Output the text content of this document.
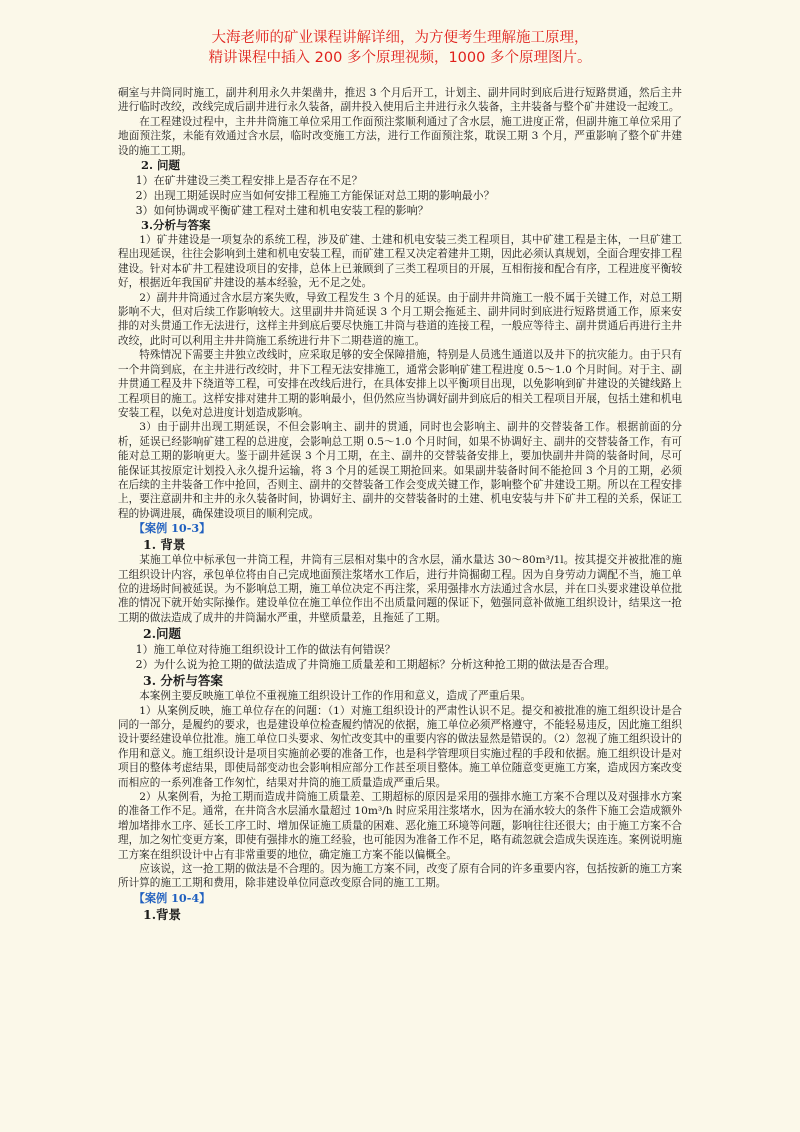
大海老师的矿业课程讲解详细，为方便考生理解施工原理，
精讲课程中插入 200 多个原理视频，1000 多个原理图片。

硐室与井筒同时施工，副井利用永久井架凿井，推迟 3 个月后开工，计划主、副井同时到底后进行短路贯通，然后主井进行临时改绞，改线完成后副井进行永久装备，副井投入使用后主井进行永久装备，主井装备与整个矿井建设一起竣工。

在工程建设过程中，主井井筒施工单位采用工作面预注浆顺利通过了含水层，施工进度正常，但副井施工单位采用了地面预注浆，未能有效通过含水层，临时改变施工方法，进行工作面预注浆，耽误工期 3 个月，严重影响了整个矿井建设的施工工期。

2. 问题

1）在矿井建设三类工程安排上是否存在不足？

2）出现工期延误时应当如何安排工程施工方能保证对总工期的影响最小？

3）如何协调或平衡矿建工程对土建和机电安装工程的影响？

3.分析与答案

1）矿井建设是一项复杂的系统工程，涉及矿建、土建和机电安装三类工程项目，其中矿建工程是主体，一旦矿建工程出现延误，往往会影响到土建和机电安装工程，而矿建工程又决定着建井工期，因此必须认真规划，全面合理安排工程建设。针对本矿井工程建设项目的安排，总体上已兼顾到了三类工程项目的开展，互相衔接和配合有序，工程进度平衡较好，根据近年我国矿井建设的基本经验，无不足之处。

2）副井井筒通过含水层方案失败，导致工程发生 3 个月的延误。由于副井井筒施工一般不属于关键工作，对总工期影响不大，但对后续工作影响较大。这里副井井筒延误 3 个月工期会拖延主、副井同时到底进行短路贯通工作，原来安排的对头贯通工作无法进行，这样主井到底后要尽快施工井筒与巷道的连接工程，一般应等待主、副井贯通后再进行主井改绞，此时可以利用主井井筒施工系统进行井下二期巷道的施工。

特殊情况下需要主井独立改线时，应采取足够的安全保障措施，特别是人员逃生通道以及井下的抗灾能力。由于只有一个井筒到底，在主井进行改绞时，井下工程无法安排施工，通常会影响矿建工程进度 0.5～1.0 个月时间。对于主、副井贯通工程及井下绕道等工程，可安排在改线后进行，在具体安排上以平衡项目出现，以免影响到矿井建设的关键线路上工程项目的施工。这样安排对建井工期的影响最小，但仍然应当协调好副井到底后的相关工程项目开展，包括土建和机电安装工程，以免对总进度计划造成影响。

3）由于副井出现工期延误，不但会影响主、副井的贯通，同时也会影响主、副井的交替装备工作。根据前面的分析，延误已经影响矿建工程的总进度，会影响总工期 0.5～1.0 个月时间，如果不协调好主、副井的交替装备工作，有可能对总工期的影响更大。鉴于副井延误 3 个月工期，在主、副井的交替装备安排上，要加快副井井筒的装备时间，尽可能保证其按原定计划投入永久提升运输，将 3 个月的延误工期抢回来。如果副井装备时间不能抢回 3 个月的工期，必须在后续的主井装备工作中抢回，否则主、副井的交替装备工作会变成关键工作，影响整个矿井建设工期。所以在工程安排上，要注意副井和主井的永久装备时间，协调好主、副井的交替装备时的土建、机电安装与井下矿井工程的关系，保证工程的协调进展，确保建设项目的顺利完成。

【案例 10-3】

1. 背景

某施工单位中标承包一井筒工程，井筒有三层相对集中的含水层，涌水量达 30～80m³/1l。按其提交并被批准的施工组织设计内容，承包单位将由自己完成地面预注浆堵水工作后，进行井筒掘砌工程。因为自身劳动力调配不当，施工单位的进场时间被延误。为不影响总工期，施工单位决定不再注浆，采用强排水方法通过含水层，并在口头要求建设单位批准的情况下就开始实际操作。建设单位在施工单位作出不出质量问题的保证下，勉强同意补做施工组织设计，结果这一抢工期的做法造成了成井的井筒漏水严重，井壁质量差，且拖延了工期。

2.问题

1）施工单位对待施工组织设计工作的做法有何错误？

2）为什么说为抢工期的做法造成了井筒施工质量差和工期超标？分析这种抢工期的做法是否合理。

3. 分析与答案

本案例主要反映施工单位不重视施工组织设计工作的作用和意义，造成了严重后果。

1）从案例反映，施工单位存在的问题：（1）对施工组织设计的严肃性认识不足。提交和被批准的施工组织设计是合同的一部分，是履约的要求，也是建设单位检查履约情况的依据，施工单位必须严格遵守，不能轻易违反，因此施工组织设计要经建设单位批准。施工单位口头要求、匆忙改变其中的重要内容的做法显然是错误的。（2）忽视了施工组织设计的作用和意义。施工组织设计是项目实施前必要的准备工作，也是科学管理项目实施过程的手段和依据。施工组织设计是对项目的整体考虑结果，即使局部变动也会影响相应部分工作甚至项目整体。施工单位随意变更施工方案，造成因方案改变而相应的一系列准备工作匆忙，结果对井筒的施工质量造成严重后果。

2）从案例看，为抢工期而造成井筒施工质量差、工期超标的原因是采用的强排水施工方案不合理以及对强排水方案的准备工作不足。通常，在井筒含水层涌水量超过 10m³/h 时应采用注浆堵水，因为在涌水较大的条件下施工会造成额外增加堵排水工序、延长工序工时、增加保证施工质量的困难、恶化施工环境等问题，影响往往还很大；由于施工方案不合理，加之匆忙变更方案，即使有强排水的施工经验，也可能因为准备工作不足，略有疏忽就会造成失误连连。案例说明施工方案在组织设计中占有非常重要的地位，确定施工方案不能以偏概全。

应该说，这一抢工期的做法是不合理的。因为施工方案不同，改变了原有合同的许多重要内容，包括按新的施工方案所计算的施工工期和费用，除非建设单位同意改变原合同的施工工期。

【案例 10-4】

1.背景
